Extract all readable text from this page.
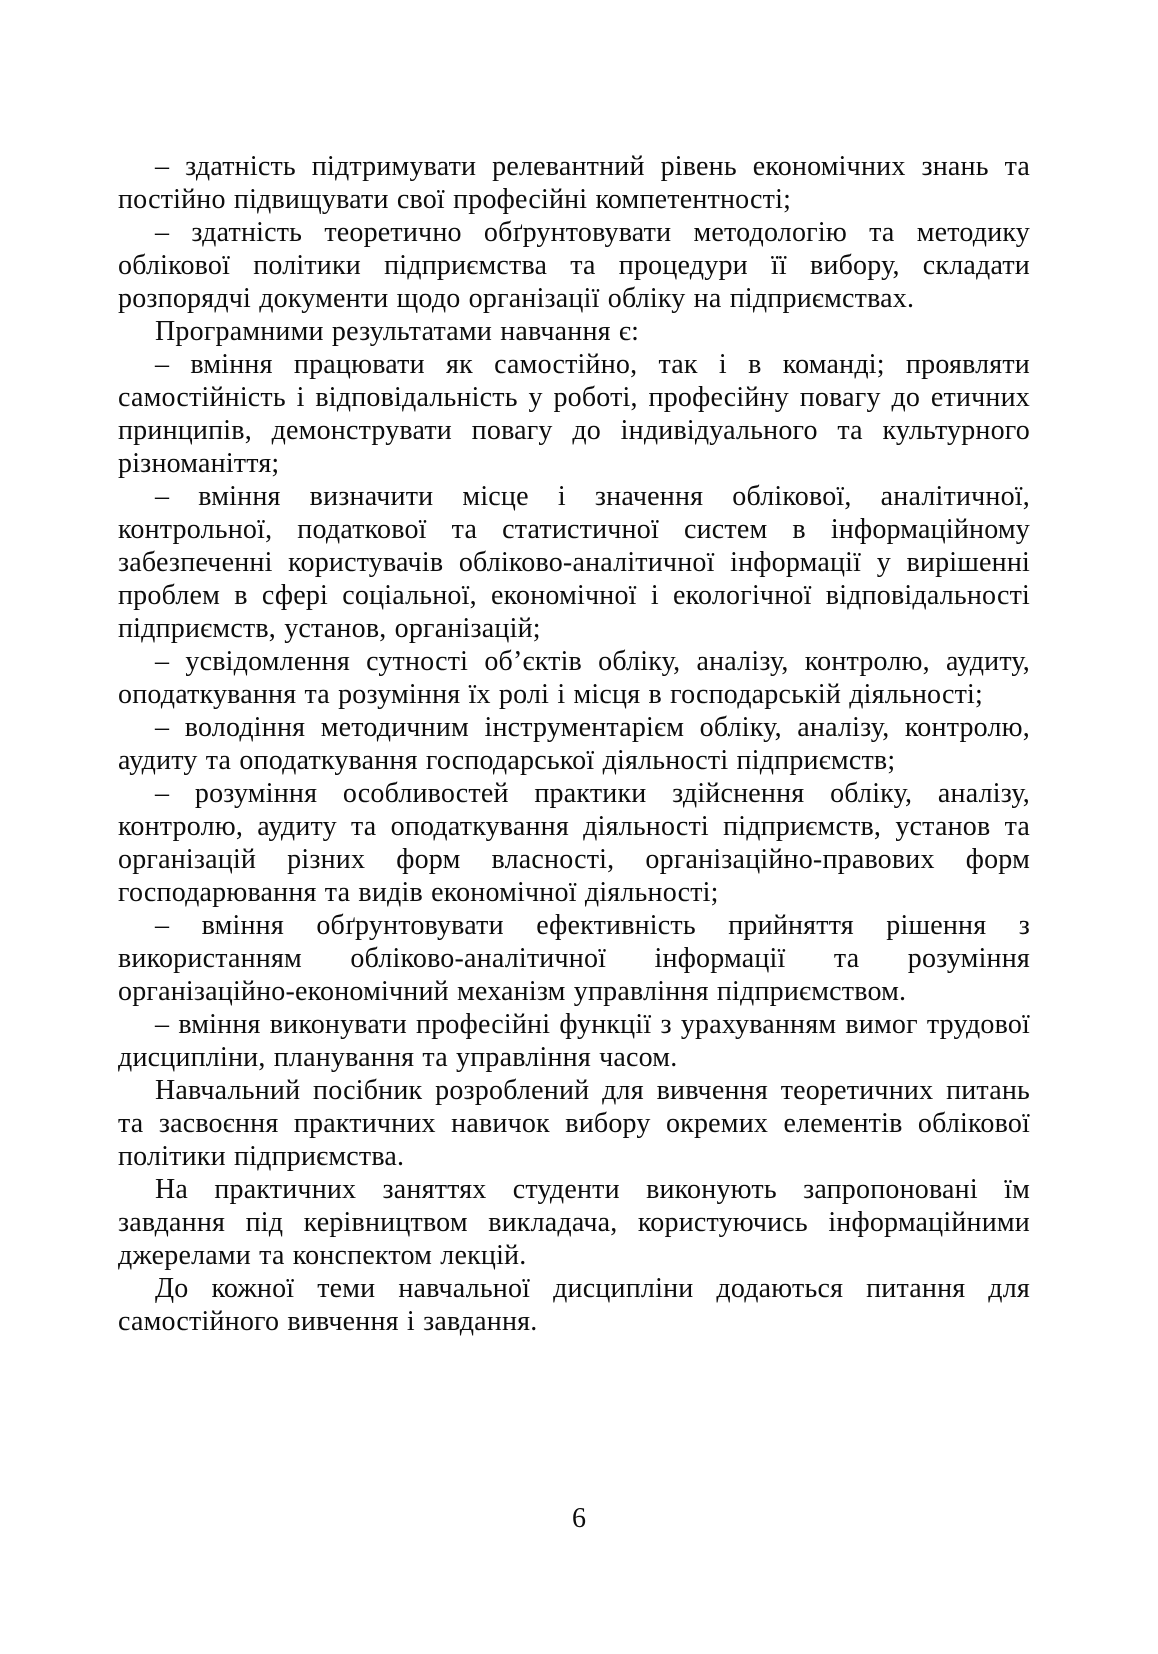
– здатність підтримувати релевантний рівень економічних знань та постійно підвищувати свої професійні компетентності;

– здатність теоретично обґрунтовувати методологію та методику облікової політики підприємства та процедури її вибору, складати розпорядчі документи щодо організації обліку на підприємствах.

Програмними результатами навчання є:

– вміння працювати як самостійно, так і в команді; проявляти самостійність і відповідальність у роботі, професійну повагу до етичних принципів, демонструвати повагу до індивідуального та культурного різноманіття;

– вміння визначити місце і значення облікової, аналітичної, контрольної, податкової та статистичної систем в інформаційному забезпеченні користувачів обліково-аналітичної інформації у вирішенні проблем в сфері соціальної, економічної і екологічної відповідальності підприємств, установ, організацій;

– усвідомлення сутності об’єктів обліку, аналізу, контролю, аудиту, оподаткування та розуміння їх ролі і місця в господарській діяльності;

– володіння методичним інструментарієм обліку, аналізу, контролю, аудиту та оподаткування господарської діяльності підприємств;

– розуміння особливостей практики здійснення обліку, аналізу, контролю, аудиту та оподаткування діяльності підприємств, установ та організацій різних форм власності, організаційно-правових форм господарювання та видів економічної діяльності;

– вміння обґрунтовувати ефективність прийняття рішення з використанням обліково-аналітичної інформації та розуміння організаційно-економічний механізм управління підприємством.

– вміння виконувати професійні функції з урахуванням вимог трудової дисципліни, планування та управління часом.

Навчальний посібник розроблений для вивчення теоретичних питань та засвоєння практичних навичок вибору окремих елементів облікової політики підприємства.

На практичних заняттях студенти виконують запропоновані їм завдання під керівництвом викладача, користуючись інформаційними джерелами та конспектом лекцій.

До кожної теми навчальної дисципліни додаються питання для самостійного вивчення і завдання.

6
